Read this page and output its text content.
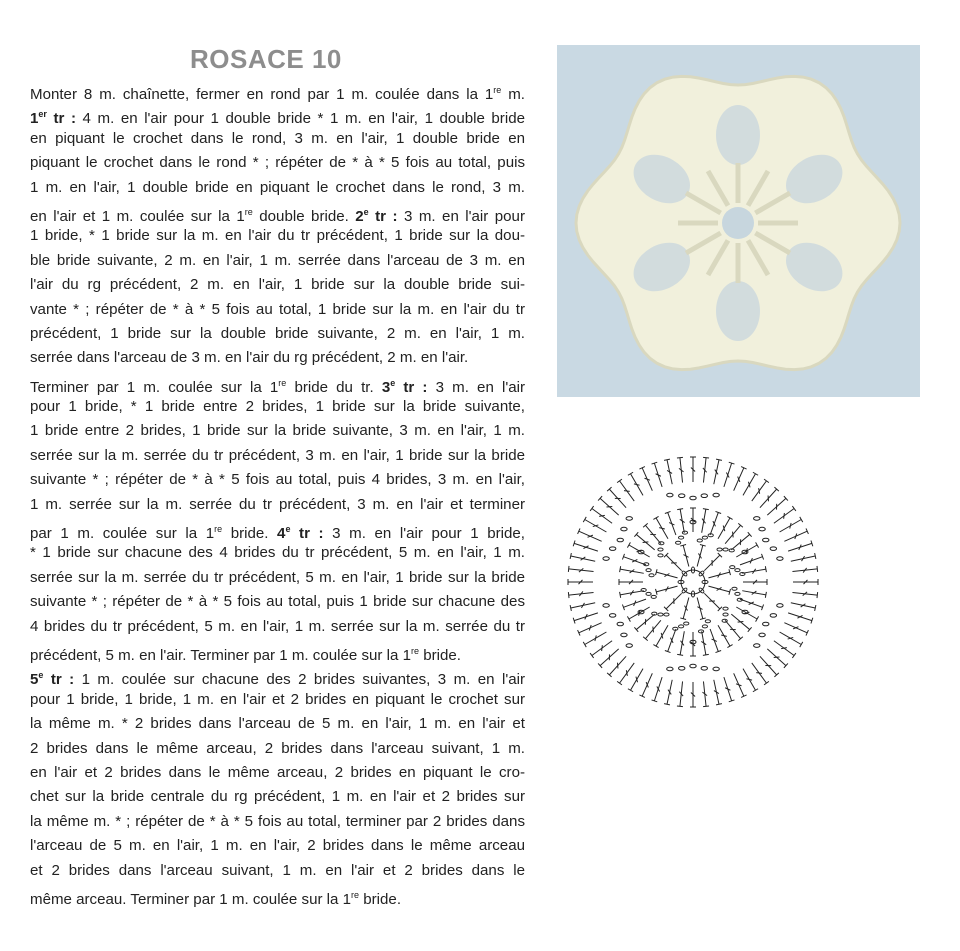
ROSACE 10
Monter 8 m. chaînette, fermer en rond par 1 m. coulée dans la 1re m.
1er tr : 4 m. en l'air pour 1 double bride * 1 m. en l'air, 1 double bride
en piquant le crochet dans le rond, 3 m. en l'air, 1 double bride en
piquant le crochet dans le rond * ; répéter de * à * 5 fois au total, puis
1 m. en l'air, 1 double bride en piquant le crochet dans le rond, 3 m.
en l'air et 1 m. coulée sur la 1re double bride. 2e tr : 3 m. en l'air pour
1 bride, * 1 bride sur la m. en l'air du tr précédent, 1 bride sur la dou-
ble bride suivante, 2 m. en l'air, 1 m. serrée dans l'arceau de 3 m. en
l'air du rg précédent, 2 m. en l'air, 1 bride sur la double bride sui-
vante * ; répéter de * à * 5 fois au total, 1 bride sur la m. en l'air du tr
précédent, 1 bride sur la double bride suivante, 2 m. en l'air, 1 m.
serrée dans l'arceau de 3 m. en l'air du rg précédent, 2 m. en l'air.
Terminer par 1 m. coulée sur la 1re bride du tr. 3e tr : 3 m. en l'air
pour 1 bride, * 1 bride entre 2 brides, 1 bride sur la bride suivante,
1 bride entre 2 brides, 1 bride sur la bride suivante, 3 m. en l'air, 1 m.
serrée sur la m. serrée du tr précédent, 3 m. en l'air, 1 bride sur la bride
suivante * ; répéter de * à * 5 fois au total, puis 4 brides, 3 m. en l'air,
1 m. serrée sur la m. serrée du tr précédent, 3 m. en l'air et terminer
par 1 m. coulée sur la 1re bride. 4e tr : 3 m. en l'air pour 1 bride,
* 1 bride sur chacune des 4 brides du tr précédent, 5 m. en l'air, 1 m.
serrée sur la m. serrée du tr précédent, 5 m. en l'air, 1 bride sur la bride
suivante * ; répéter de * à * 5 fois au total, puis 1 bride sur chacune des
4 brides du tr précédent, 5 m. en l'air, 1 m. serrée sur la m. serrée du tr
précédent, 5 m. en l'air. Terminer par 1 m. coulée sur la 1re bride.
5e tr : 1 m. coulée sur chacune des 2 brides suivantes, 3 m. en l'air
pour 1 bride, 1 bride, 1 m. en l'air et 2 brides en piquant le crochet sur
la même m. * 2 brides dans l'arceau de 5 m. en l'air, 1 m. en l'air et
2 brides dans le même arceau, 2 brides dans l'arceau suivant, 1 m.
en l'air et 2 brides dans le même arceau, 2 brides en piquant le cro-
chet sur la bride centrale du rg précédent, 1 m. en l'air et 2 brides sur
la même m. * ; répéter de * à * 5 fois au total, terminer par 2 brides dans
l'arceau de 5 m. en l'air, 1 m. en l'air, 2 brides dans le même arceau
et 2 brides dans l'arceau suivant, 1 m. en l'air et 2 brides dans le
même arceau. Terminer par 1 m. coulée sur la 1re bride.
